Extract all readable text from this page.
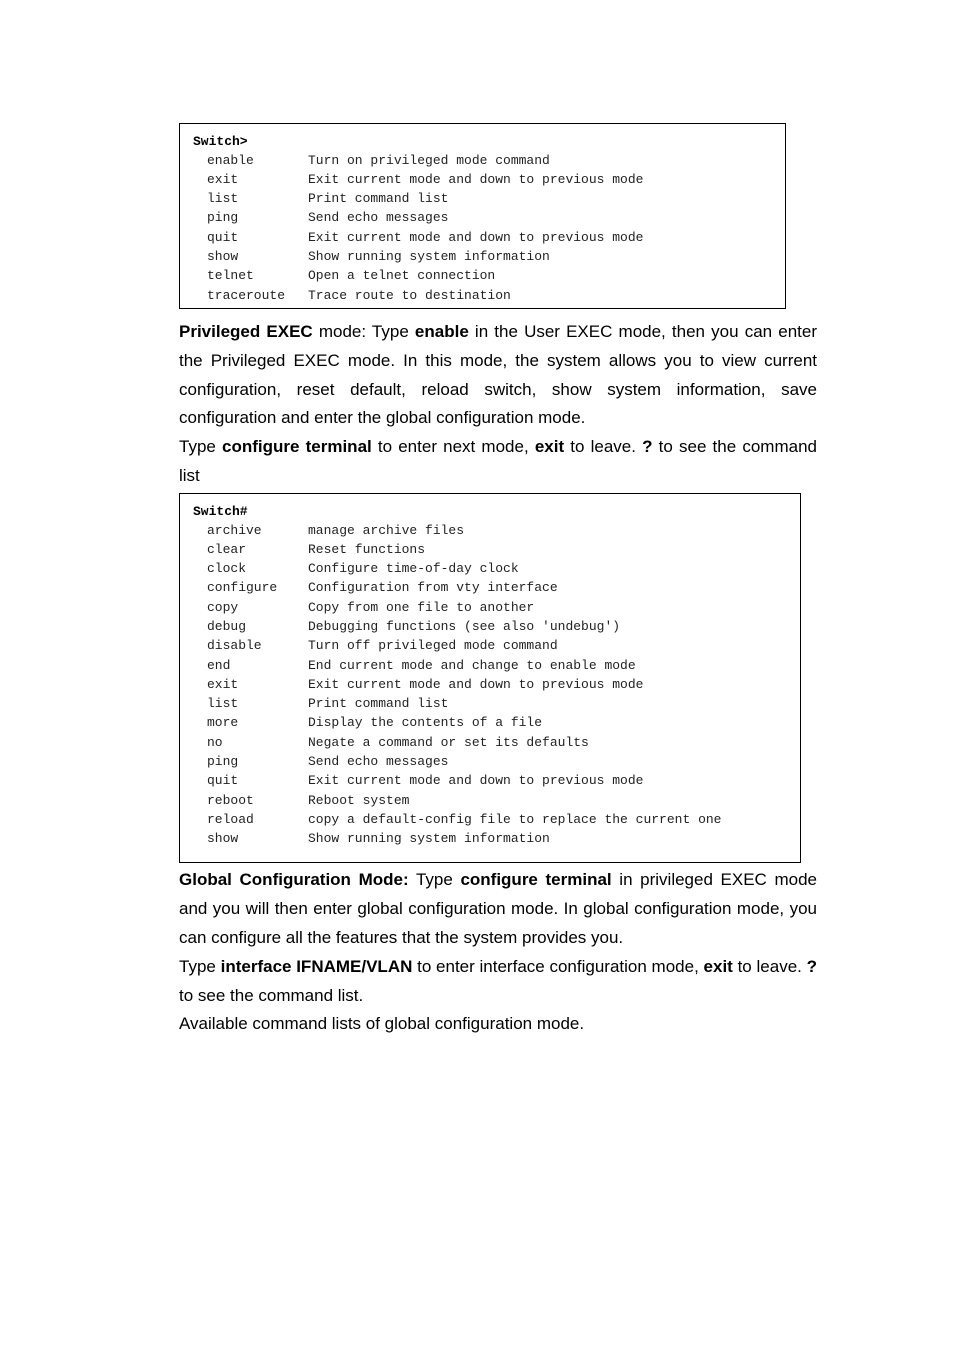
Switch>
enable	Turn on privileged mode command
exit	Exit current mode and down to previous mode
list	Print command list
ping	Send echo messages
quit	Exit current mode and down to previous mode
show	Show running system information
telnet	Open a telnet connection
traceroute	Trace route to destination

Privileged EXEC mode: Type enable in the User EXEC mode, then you can enter the Privileged EXEC mode. In this mode, the system allows you to view current configuration, reset default, reload switch, show system information, save configuration and enter the global configuration mode.

Type configure terminal to enter next mode, exit to leave. ? to see the command list

Switch#
archive	manage archive files
clear	Reset functions
clock	Configure time-of-day clock
configure	Configuration from vty interface
copy	Copy from one file to another
debug	Debugging functions (see also 'undebug')
disable	Turn off privileged mode command
end	End current mode and change to enable mode
exit	Exit current mode and down to previous mode
list	Print command list
more	Display the contents of a file
no	Negate a command or set its defaults
ping	Send echo messages
quit	Exit current mode and down to previous mode
reboot	Reboot system
reload	copy a default-config file to replace the current one
show	Show running system information

Global Configuration Mode: Type configure terminal in privileged EXEC mode and you will then enter global configuration mode. In global configuration mode, you can configure all the features that the system provides you.

Type interface IFNAME/VLAN to enter interface configuration mode, exit to leave. ? to see the command list.

Available command lists of global configuration mode.
